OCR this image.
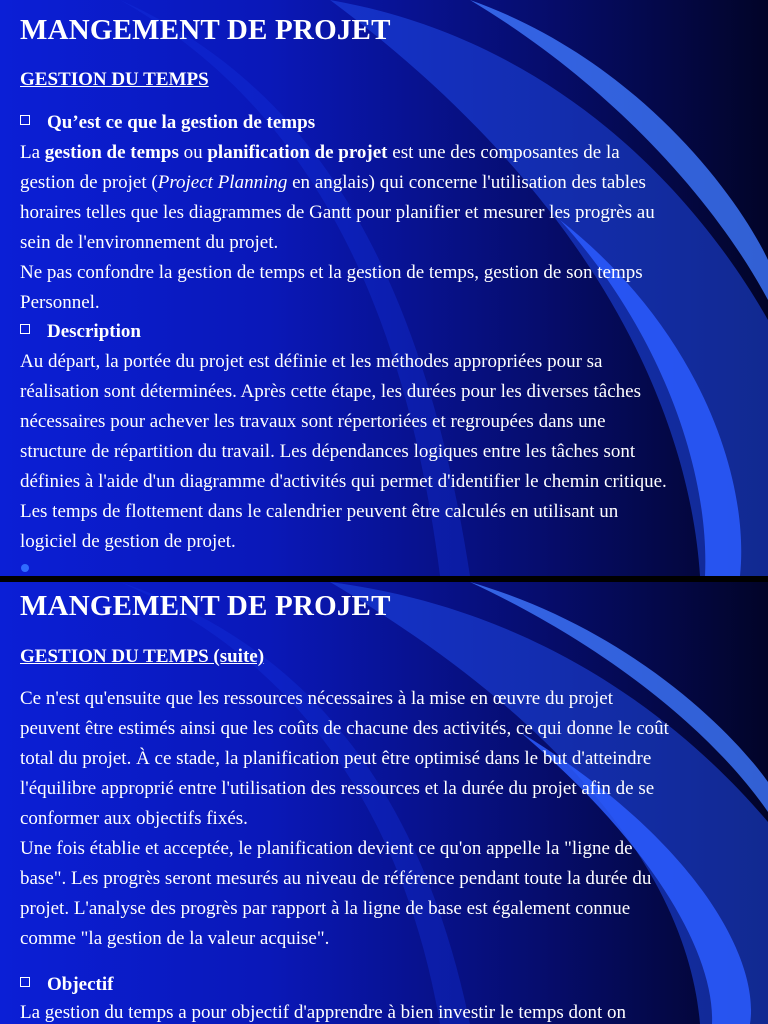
MANGEMENT DE PROJET
GESTION DU TEMPS
Qu’est ce que la gestion de temps
La gestion de temps ou planification de projet est une des composantes de la
gestion de projet (Project Planning en anglais) qui concerne l'utilisation des tables
horaires telles que les diagrammes de Gantt pour planifier et mesurer les progrès au
sein de l'environnement du projet.
Ne pas confondre la gestion de temps et la gestion de temps, gestion de son temps
Personnel.
Description
Au départ, la portée du projet est définie et les méthodes appropriées pour sa
réalisation sont déterminées. Après cette étape, les durées pour les diverses tâches
nécessaires pour achever les travaux sont répertoriées et regroupées dans une
structure de répartition du travail. Les dépendances logiques entre les tâches sont
définies à l'aide d'un diagramme d'activités qui permet d'identifier le chemin critique.
Les temps de flottement dans le calendrier peuvent être calculés en utilisant un
logiciel de gestion de projet.
MANGEMENT DE PROJET
GESTION DU TEMPS (suite)
Ce n'est qu'ensuite que les ressources nécessaires à la mise en œuvre du projet
peuvent être estimés ainsi que les coûts de chacune des activités, ce qui donne le coût
total du projet. À ce stade, la planification peut être optimisé dans le but d'atteindre
l'équilibre approprié entre l'utilisation des ressources et la durée du projet afin de se
conformer aux objectifs fixés.
Une fois établie et acceptée, le planification devient ce qu'on appelle la "ligne de
base". Les progrès seront mesurés au niveau de référence pendant toute la durée du
projet. L'analyse des progrès par rapport à la ligne de base est également connue
comme "la gestion de la valeur acquise".
Objectif
La gestion du temps a pour objectif d'apprendre à bien investir le temps dont on
